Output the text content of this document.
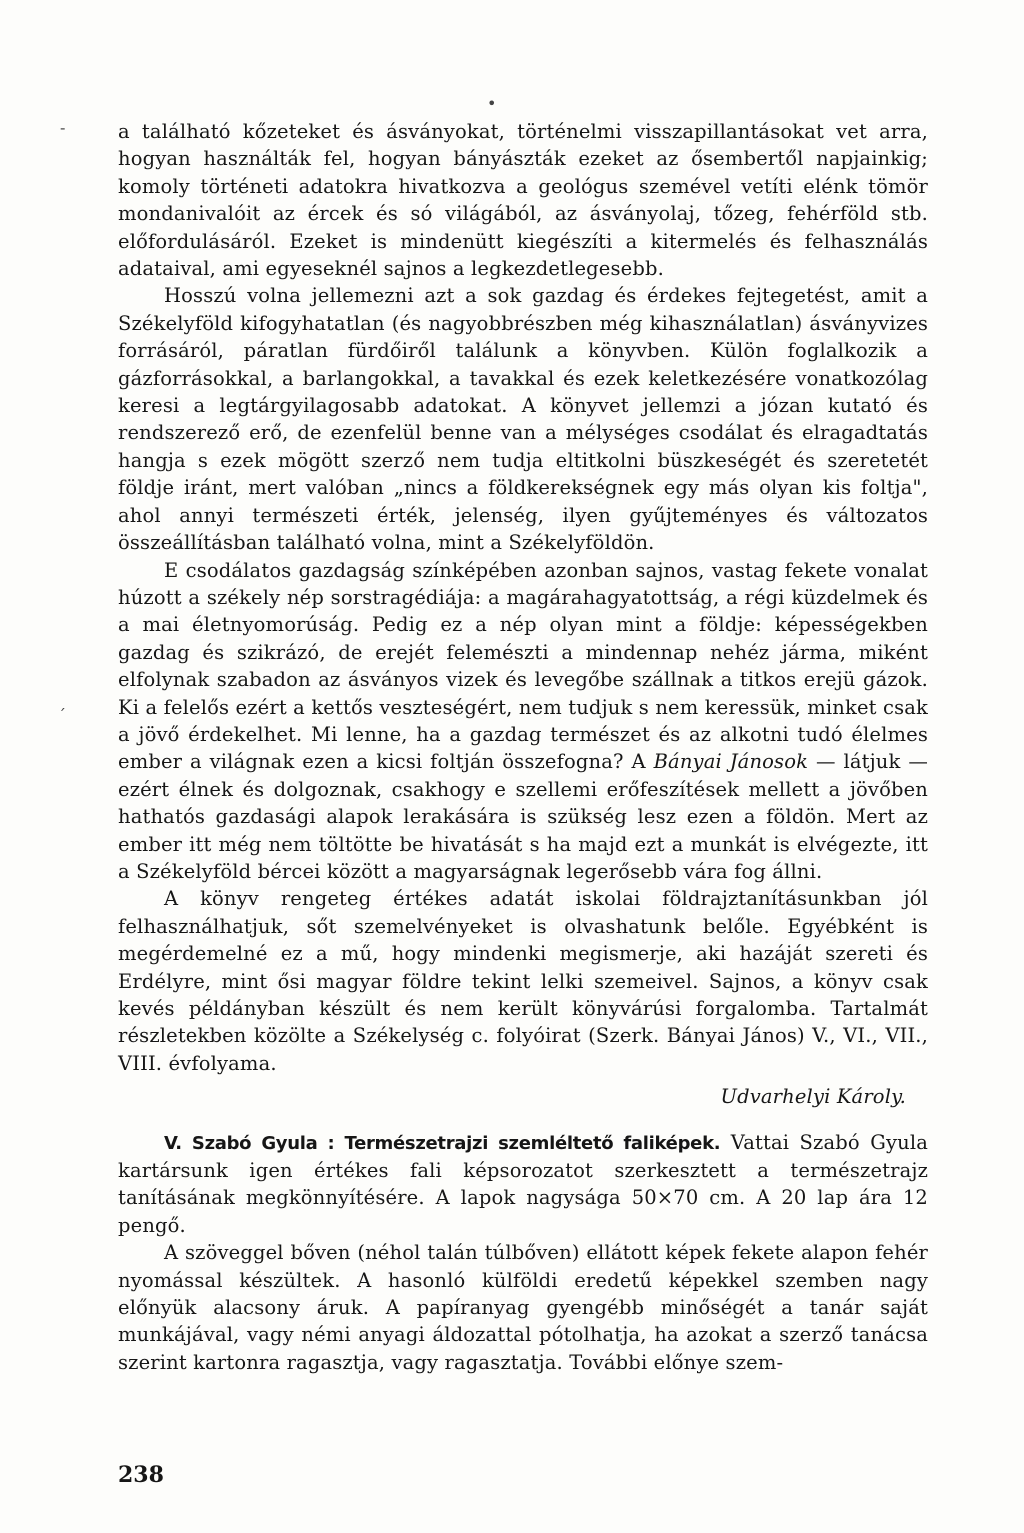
•
-
´

a található kőzeteket és ásványokat, történelmi visszapillantásokat vet arra, hogyan használták fel, hogyan bányászták ezeket az ősembertől napjainkig; komoly történeti adatokra hivatkozva a geológus szemével vetíti elénk tömör mondanivalóit az ércek és só világából, az ásványolaj, tőzeg, fehérföld stb. előfordulásáról. Ezeket is mindenütt kiegészíti a kitermelés és felhasználás adataival, ami egyeseknél sajnos a legkezdetlegesebb.

Hosszú volna jellemezni azt a sok gazdag és érdekes fejtegetést, amit a Székelyföld kifogyhatatlan (és nagyobbrészben még kihasználatlan) ásványvizes forrásáról, páratlan fürdőiről találunk a könyvben. Külön foglalkozik a gázforrásokkal, a barlangokkal, a tavakkal és ezek keletkezésére vonatkozólag keresi a legtárgyilagosabb adatokat. A könyvet jellemzi a józan kutató és rendszerező erő, de ezenfelül benne van a mélységes csodálat és elragadtatás hangja s ezek mögött szerző nem tudja eltitkolni büszkeségét és szeretetét földje iránt, mert valóban „nincs a földkerekségnek egy más olyan kis foltja", ahol annyi természeti érték, jelenség, ilyen gyűjteményes és változatos összeállításban található volna, mint a Székelyföldön.

E csodálatos gazdagság színképében azonban sajnos, vastag fekete vonalat húzott a székely nép sorstragédiája: a magárahagyatottság, a régi küzdelmek és a mai életnyomorúság. Pedig ez a nép olyan mint a földje: képességekben gazdag és szikrázó, de erejét felemészti a mindennap nehéz járma, miként elfolynak szabadon az ásványos vizek és levegőbe szállnak a titkos erejü gázok. Ki a felelős ezért a kettős veszteségért, nem tudjuk s nem keressük, minket csak a jövő érdekelhet. Mi lenne, ha a gazdag természet és az alkotni tudó élelmes ember a világnak ezen a kicsi foltján összefogna? A Bányai Jánosok — látjuk — ezért élnek és dolgoznak, csakhogy e szellemi erőfeszítések mellett a jövőben hathatós gazdasági alapok lerakására is szükség lesz ezen a földön. Mert az ember itt még nem töltötte be hivatását s ha majd ezt a munkát is elvégezte, itt a Székelyföld bércei között a magyarságnak legerősebb vára fog állni.

A könyv rengeteg értékes adatát iskolai földrajztanításunkban jól felhasználhatjuk, sőt szemelvényeket is olvashatunk belőle. Egyébként is megérdemelné ez a mű, hogy mindenki megismerje, aki hazáját szereti és Erdélyre, mint ősi magyar földre tekint lelki szemeivel. Sajnos, a könyv csak kevés példányban készült és nem került könyvárúsi forgalomba. Tartalmát részletekben közölte a Székelység c. folyóirat (Szerk. Bányai János) V., VI., VII., VIII. évfolyama.

Udvarhelyi Károly.

V. Szabó Gyula : Természetrajzi szemléltető faliképek. Vattai Szabó Gyula kartársunk igen értékes fali képsorozatot szerkesztett a természetrajz tanításának megkönnyítésére. A lapok nagysága 50×70 cm. A 20 lap ára 12 pengő.

A szöveggel bőven (néhol talán túlbőven) ellátott képek fekete alapon fehér nyomással készültek. A hasonló külföldi eredetű képekkel szemben nagy előnyük alacsony áruk. A papíranyag gyengébb minőségét a tanár saját munkájával, vagy némi anyagi áldozattal pótolhatja, ha azokat a szerző tanácsa szerint kartonra ragasztja, vagy ragasztatja. További előnye szem-

238
